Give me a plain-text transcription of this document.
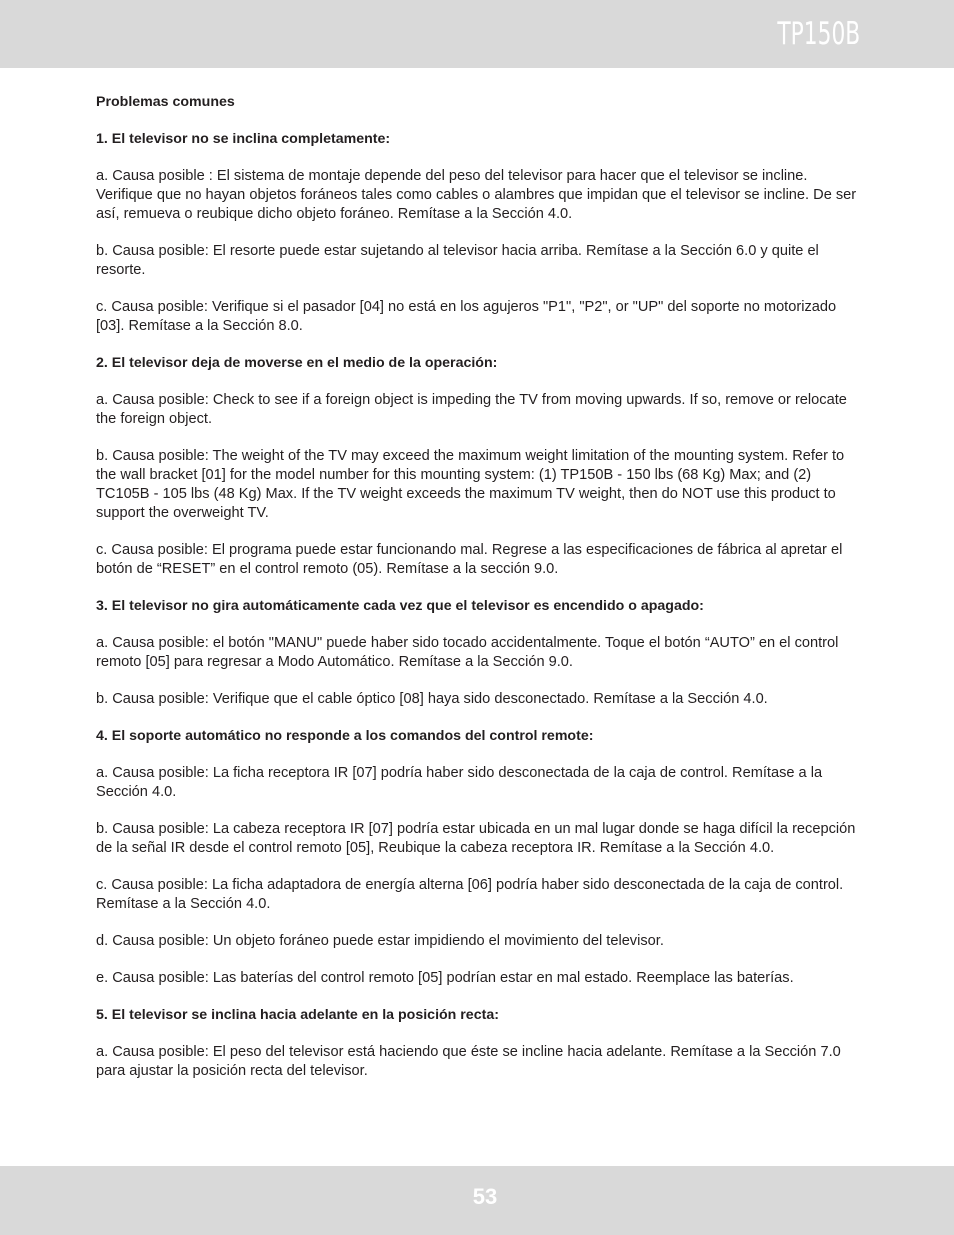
TP150B

Problemas comunes

1. El televisor no se inclina completamente:

a. Causa posible : El sistema de montaje depende del peso del televisor para hacer que el televisor se incline. Verifique que no hayan objetos foráneos tales como cables o alambres que impidan que el televisor se incline. De ser así, remueva o reubique dicho objeto foráneo. Remítase a la Sección 4.0.

b. Causa posible: El resorte puede estar sujetando al televisor hacia arriba. Remítase a la Sección 6.0 y quite el resorte.

c. Causa posible: Verifique si el pasador [04] no está en los agujeros "P1", "P2", or "UP" del soporte no motorizado [03]. Remítase a la Sección 8.0.

2. El televisor deja de moverse en el medio de la operación:

a. Causa posible: Check to see if a foreign object is impeding the TV from moving upwards. If so, remove or relocate the foreign object.

b. Causa posible: The weight of the TV may exceed the maximum weight limitation of the mounting system. Refer to the wall bracket [01] for the model number for this mounting system: (1) TP150B - 150 lbs (68 Kg) Max; and (2) TC105B - 105 lbs (48 Kg) Max. If the TV weight exceeds the maximum TV weight, then do NOT use this product to support the overweight TV.

c. Causa posible: El programa puede estar funcionando mal. Regrese a las especificaciones de fábrica al apretar el botón de “RESET” en el control remoto (05). Remítase a la sección 9.0.

3. El televisor no gira automáticamente cada vez que el televisor es encendido o apagado:

a. Causa posible: el botón "MANU" puede haber sido tocado accidentalmente. Toque el botón “AUTO” en el control remoto [05] para regresar a Modo Automático. Remítase a la Sección 9.0.

b. Causa posible: Verifique que el cable óptico [08] haya sido desconectado. Remítase a la Sección 4.0.

4. El soporte automático no responde a los comandos del control remote:

a. Causa posible: La ficha receptora IR [07] podría haber sido desconectada de la caja de control. Remítase a la Sección 4.0.

b. Causa posible: La cabeza receptora IR [07] podría estar ubicada en un mal lugar donde se haga difícil la recepción de la señal IR desde el control remoto [05], Reubique la cabeza receptora IR. Remítase a la Sección 4.0.

c. Causa posible: La ficha adaptadora de energía alterna [06] podría haber sido desconectada de la caja de control. Remítase a la Sección 4.0.

d. Causa posible: Un objeto foráneo puede estar impidiendo el movimiento del televisor.

e. Causa posible: Las baterías del control remoto [05] podrían estar en mal estado. Reemplace las baterías.

5. El televisor se inclina hacia adelante en la posición recta:

a. Causa posible: El peso del televisor está haciendo que éste se incline hacia adelante. Remítase a la Sección 7.0 para ajustar la posición recta del televisor.

53
